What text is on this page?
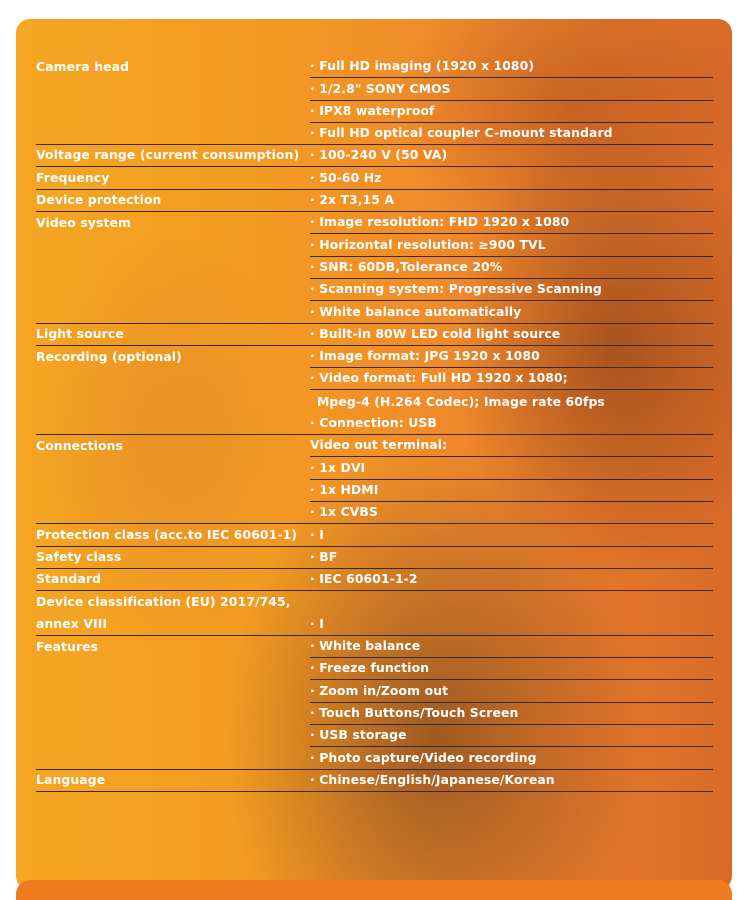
Camera head	· Full HD imaging (1920 x 1080)
· 1/2.8" SONY CMOS
· IPX8 waterproof
· Full HD optical coupler C-mount standard
Voltage range (current consumption) · 100-240 V (50 VA)
Frequency	· 50-60 Hz
Device protection	· 2x T3,15 A
Video system	· Image resolution: FHD 1920 x 1080
· Horizontal resolution: ≥900 TVL
· SNR: 60DB,Tolerance 20%
· Scanning system: Progressive Scanning
· White balance automatically
Light source	· Built-in 80W LED cold light source
Recording (optional)	· Image format: JPG 1920 x 1080
· Video format: Full HD 1920 x 1080;
Mpeg-4 (H.264 Codec); Image rate 60fps
· Connection: USB
Connections	Video out terminal:
· 1x DVI
· 1x HDMI
· 1x CVBS
Protection class (acc.to IEC 60601-1) · I
Safety class	· BF
Standard	· IEC 60601-1-2
Device classification (EU) 2017/745,
annex VIII	· I
Features	· White balance
· Freeze function
· Zoom in/Zoom out
· Touch Buttons/Touch Screen
· USB storage
· Photo capture/Video recording
Language	· Chinese/English/Japanese/Korean
